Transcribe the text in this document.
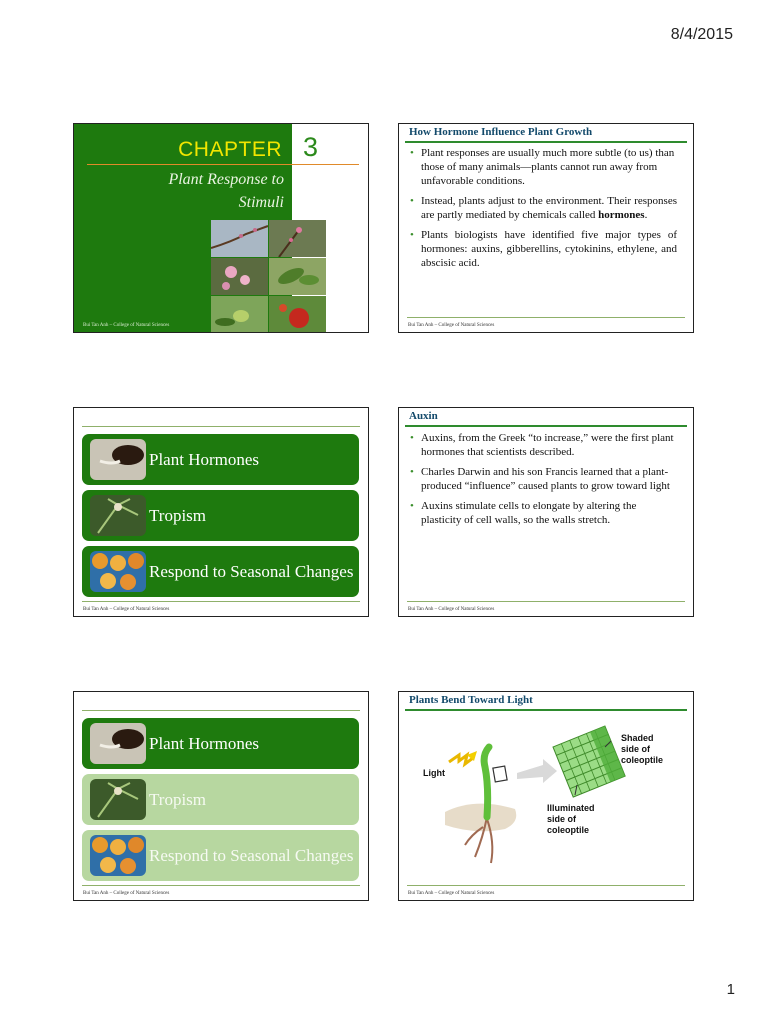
8/4/2015
CHAPTER 3
Plant Response to
Stimuli
Bui Tan Anh – College of Natural Sciences
How Hormone Influence Plant Growth
• Plant responses are usually much more subtle (to us) than those of many animals—plants cannot run away from unfavorable conditions.
• Instead, plants adjust to the environment. Their responses are partly mediated by chemicals called hormones.
• Plants biologists have identified five major types of hormones: auxins, gibberellins, cytokinins, ethylene, and abscisic acid.
Bui Tan Anh – College of Natural Sciences
Plant Hormones
Tropism
Respond to Seasonal Changes
Bui Tan Anh – College of Natural Sciences
Auxin
• Auxins, from the Greek “to increase,” were the first plant hormones that scientists described.
• Charles Darwin and his son Francis learned that a plant-produced “influence” caused plants to grow toward light
• Auxins stimulate cells to elongate by altering the plasticity of cell walls, so the walls stretch.
Bui Tan Anh – College of Natural Sciences
Plant Hormones
Tropism
Respond to Seasonal Changes
Bui Tan Anh – College of Natural Sciences
Plants Bend Toward Light
Light
Shaded
side of
coleoptile
Illuminated
side of
coleoptile
Bui Tan Anh – College of Natural Sciences
1
